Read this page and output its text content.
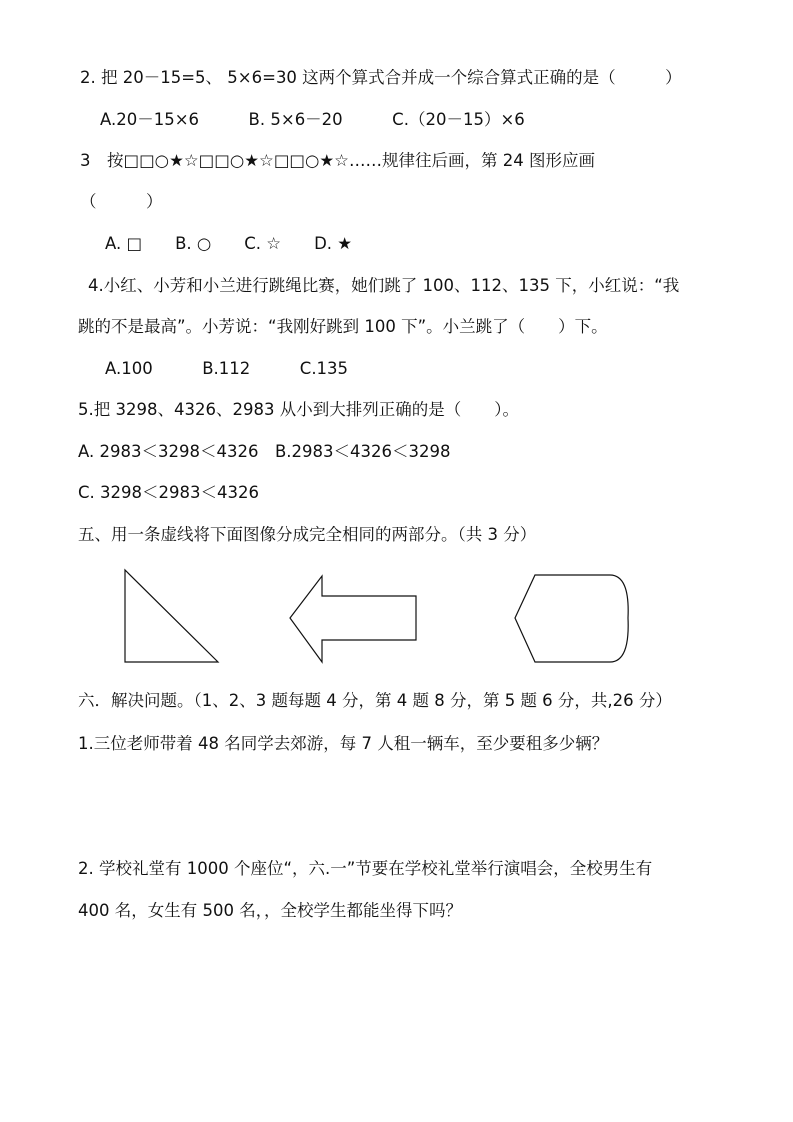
2. 把 20－15=5、 5×6=30 这两个算式合并成一个综合算式正确的是（　　　）
A.20－15×6　　　B. 5×6－20　　　C.（20－15）×6
3　按□□○★☆□□○★☆□□○★☆……规律往后画，第 24 图形应画
（　　　）
A. □　　B. ○　　C. ☆　　D. ★
4.小红、小芳和小兰进行跳绳比赛，她们跳了 100、112、135 下，小红说：“我
跳的不是最高”。小芳说：“我刚好跳到 100 下”。小兰跳了（　　）下。
A.100　　　B.112　　　C.135
5.把 3298、4326、2983 从小到大排列正确的是（　　）。
A. 2983＜3298＜4326　B.2983＜4326＜3298
C. 3298＜2983＜4326
五、用一条虚线将下面图像分成完全相同的两部分。（共 3 分）
六．解决问题。（1、2、3 题每题 4 分，第 4 题 8 分，第 5 题 6 分，共,26 分）
1.三位老师带着 48 名同学去郊游，每 7 人租一辆车，至少要租多少辆？
2. 学校礼堂有 1000 个座位“，六.一”节要在学校礼堂举行演唱会，全校男生有
400 名，女生有 500 名，，全校学生都能坐得下吗？
